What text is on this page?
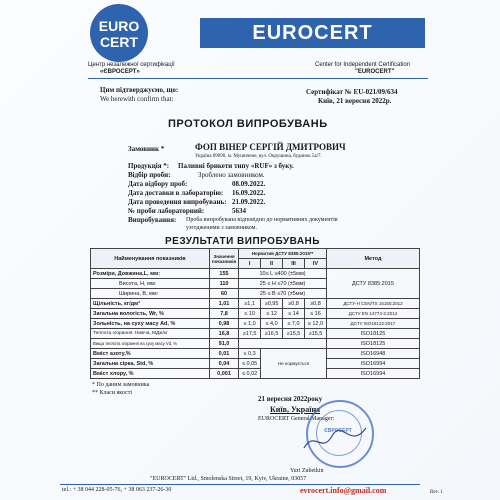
EURO
CERT	EUROCERT
Центр незалежної сертифікації
«ЄВРОСЕРТ»
Center for Independent Certification
"EUROCERT"
Цим підтверджуємо, що:
We herewith confirm that:
Сертифікат № EU-021/09/634
Київ, 21 вересня 2022р.
ПРОТОКОЛ ВИПРОБУВАНЬ
Замовник *	ФОП ВІНЕР СЕРГІЙ ДМИТРОВИЧ
Україна 09090, м. Мушичене, вул. Окрушина, будинок 5а/7.
Продукція *: Паливні брикети типу «RUF» з буку.
Відбір проби:	Зроблено замовником.
Дата відбору проб:	08.09.2022.
Дата доставки в лабораторію: 16.09.2022.
Дата проведення випробувань: 21.09.2022.
№ проби лабораторний:	5634
Випробування: Проба випробувана відповідно до нормативних документів
узгодженими з замовником.
РЕЗУЛЬТАТИ ВИПРОБУВАНЬ
Найменування показників	Значення показників	Норматив ДСТУ 8385:2015**				Метод
		I	II	III	IV	
Розміри, Довжина,L, мм:	155	10≤ L ≤400 (±5мм)				ДСТУ 8385:2015
Висота, Н, мм:	110	25 ≤ H ≤70 (±5мм)				
Ширина, B, мм:	60	25 ≤ B ≤70 (±5мм)				
Щільність, кг/дм³	1,01	≥1,1	≥0,95	≥0,8	≥0,8	ДСТУ-Н CEN/TS 15150:2012
Загальна вологість, Wr, %	7,8	≤ 10	≤ 12	≤ 14	≤ 16	ДСТУ EN 14774-2:2014
Зольність, на суху масу Ad, %	0,98	≤ 1,0	≤ 4,0	≤ 7,0	≤ 12,0	ДСТУ ISO18122:2017
Теплота згорання: Нижча, МДж/кг	16,8	≥17,5	≥16,5	≥15,5	≥15,5	ISO18125
Вища теплота згорання на суху масу Vd, %	91,0					ISO18125
Вміст азоту,%	0,01	≤ 0,3	Не нормується			ISO16948
Загальна сірка, Std, %	0,04	≤ 0,05				ISO16994
Вміст хлору, %	0,001	≤ 0,02				ISO16994
* По даним замовника
** Класи якості
21 вересня 2022року
Київ, Україна
EUROCERT General Manager:
ЄВРОСЕРТ
Yuri Zubetkin
"EUROCERT" Ltd., Smolenska Street, 19, Kyiv, Ukraine, 03057
tel.: + 38 044 228-05-76, + 38 063 237-26-30	evrocert.info@gmail.com	Rev. 1
